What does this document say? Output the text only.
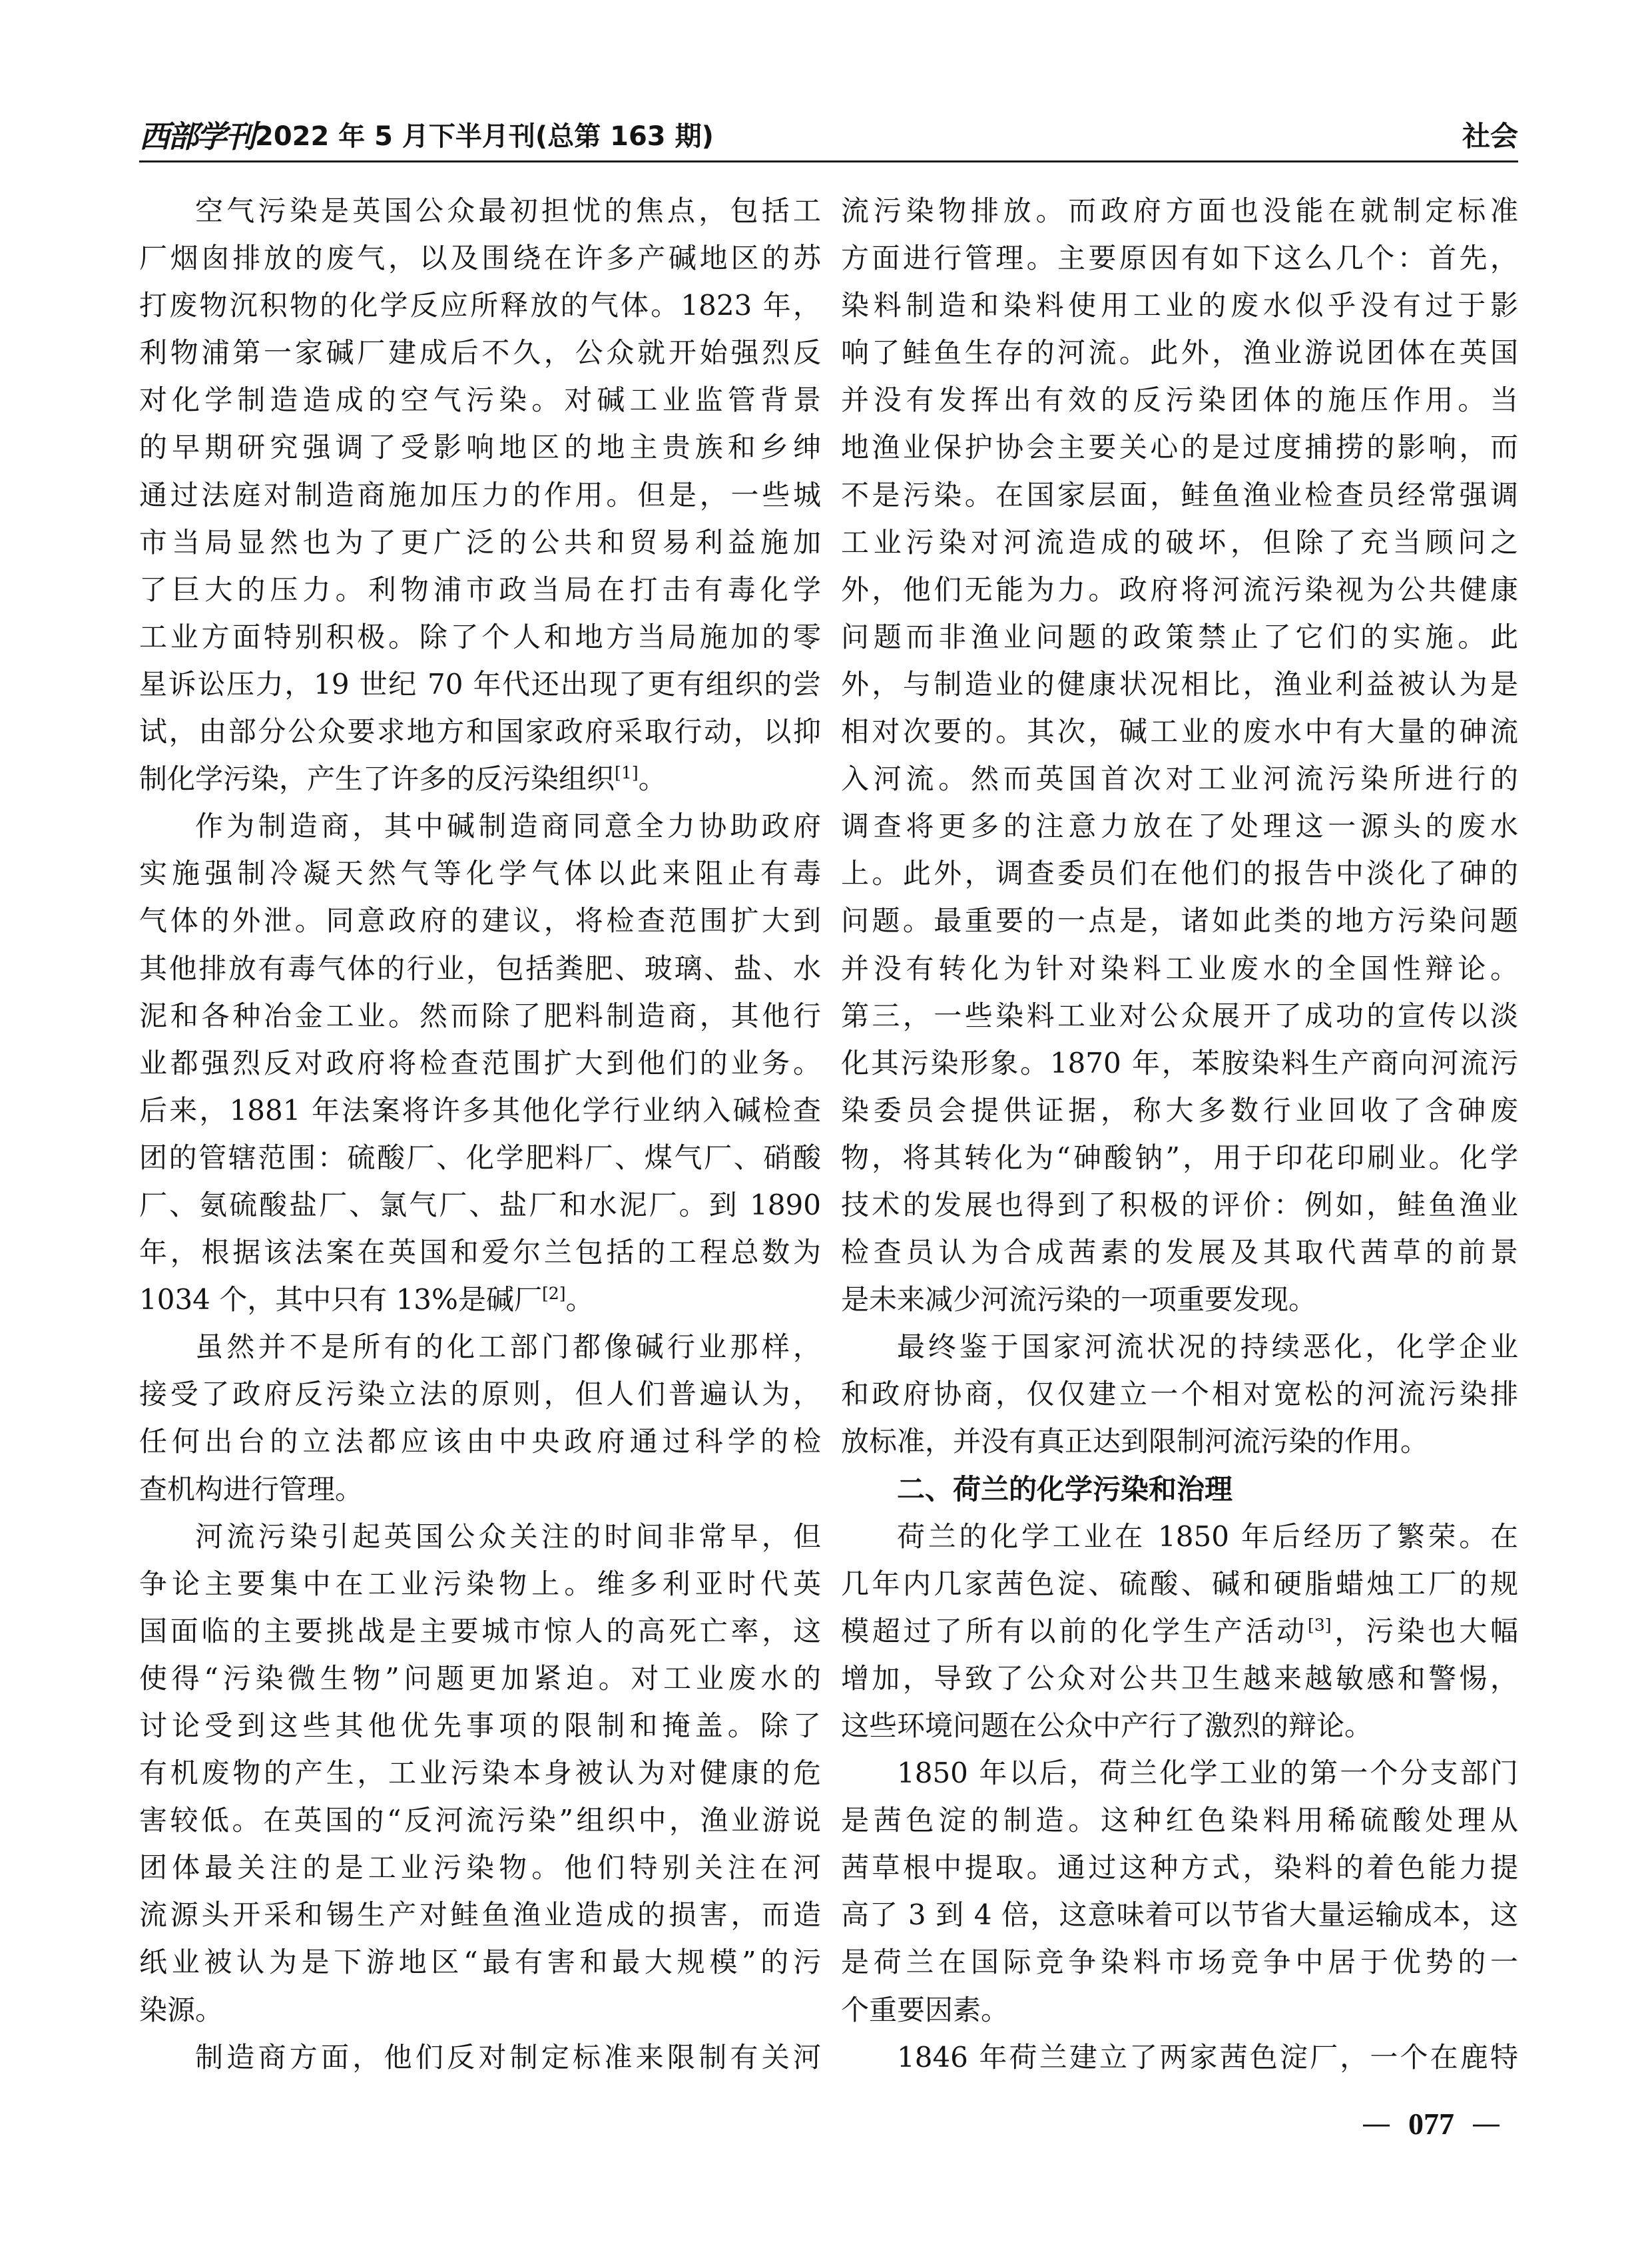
西部学刊 2022 年 5 月下半月刊(总第 163 期)	社会
空气污染是英国公众最初担忧的焦点，包括工
厂烟囱排放的废气，以及围绕在许多产碱地区的苏
打废物沉积物的化学反应所释放的气体。1823 年，
利物浦第一家碱厂建成后不久，公众就开始强烈反
对化学制造造成的空气污染。对碱工业监管背景
的早期研究强调了受影响地区的地主贵族和乡绅
通过法庭对制造商施加压力的作用。但是，一些城
市当局显然也为了更广泛的公共和贸易利益施加
了巨大的压力。利物浦市政当局在打击有毒化学
工业方面特别积极。除了个人和地方当局施加的零
星诉讼压力，19 世纪 70 年代还出现了更有组织的尝
试，由部分公众要求地方和国家政府采取行动，以抑
制化学污染，产生了许多的反污染组织[1]。
作为制造商，其中碱制造商同意全力协助政府
实施强制冷凝天然气等化学气体以此来阻止有毒
气体的外泄。同意政府的建议，将检查范围扩大到
其他排放有毒气体的行业，包括粪肥、玻璃、盐、水
泥和各种冶金工业。然而除了肥料制造商，其他行
业都强烈反对政府将检查范围扩大到他们的业务。
后来，1881 年法案将许多其他化学行业纳入碱检查
团的管辖范围：硫酸厂、化学肥料厂、煤气厂、硝酸
厂、氨硫酸盐厂、氯气厂、盐厂和水泥厂。到 1890
年，根据该法案在英国和爱尔兰包括的工程总数为
1034 个，其中只有 13%是碱厂[2]。
虽然并不是所有的化工部门都像碱行业那样，
接受了政府反污染立法的原则，但人们普遍认为，
任何出台的立法都应该由中央政府通过科学的检
查机构进行管理。
河流污染引起英国公众关注的时间非常早，但
争论主要集中在工业污染物上。维多利亚时代英
国面临的主要挑战是主要城市惊人的高死亡率，这
使得“污染微生物”问题更加紧迫。对工业废水的
讨论受到这些其他优先事项的限制和掩盖。除了
有机废物的产生，工业污染本身被认为对健康的危
害较低。在英国的“反河流污染”组织中，渔业游说
团体最关注的是工业污染物。他们特别关注在河
流源头开采和锡生产对鲑鱼渔业造成的损害，而造
纸业被认为是下游地区“最有害和最大规模”的污
染源。
制造商方面，他们反对制定标准来限制有关河
流污染物排放。而政府方面也没能在就制定标准
方面进行管理。主要原因有如下这么几个：首先，
染料制造和染料使用工业的废水似乎没有过于影
响了鲑鱼生存的河流。此外，渔业游说团体在英国
并没有发挥出有效的反污染团体的施压作用。当
地渔业保护协会主要关心的是过度捕捞的影响，而
不是污染。在国家层面，鲑鱼渔业检查员经常强调
工业污染对河流造成的破坏，但除了充当顾问之
外，他们无能为力。政府将河流污染视为公共健康
问题而非渔业问题的政策禁止了它们的实施。此
外，与制造业的健康状况相比，渔业利益被认为是
相对次要的。其次，碱工业的废水中有大量的砷流
入河流。然而英国首次对工业河流污染所进行的
调查将更多的注意力放在了处理这一源头的废水
上。此外，调查委员们在他们的报告中淡化了砷的
问题。最重要的一点是，诸如此类的地方污染问题
并没有转化为针对染料工业废水的全国性辩论。
第三，一些染料工业对公众展开了成功的宣传以淡
化其污染形象。1870 年，苯胺染料生产商向河流污
染委员会提供证据，称大多数行业回收了含砷废
物，将其转化为“砷酸钠”，用于印花印刷业。化学
技术的发展也得到了积极的评价：例如，鲑鱼渔业
检查员认为合成茜素的发展及其取代茜草的前景
是未来减少河流污染的一项重要发现。
最终鉴于国家河流状况的持续恶化，化学企业
和政府协商，仅仅建立一个相对宽松的河流污染排
放标准，并没有真正达到限制河流污染的作用。
二、荷兰的化学污染和治理
荷兰的化学工业在 1850 年后经历了繁荣。在
几年内几家茜色淀、硫酸、碱和硬脂蜡烛工厂的规
模超过了所有以前的化学生产活动[3]，污染也大幅
增加，导致了公众对公共卫生越来越敏感和警惕，
这些环境问题在公众中产行了激烈的辩论。
1850 年以后，荷兰化学工业的第一个分支部门
是茜色淀的制造。这种红色染料用稀硫酸处理从
茜草根中提取。通过这种方式，染料的着色能力提
高了 3 到 4 倍，这意味着可以节省大量运输成本，这
是荷兰在国际竞争染料市场竞争中居于优势的一
个重要因素。
1846 年荷兰建立了两家茜色淀厂，一个在鹿特
— 077 —
